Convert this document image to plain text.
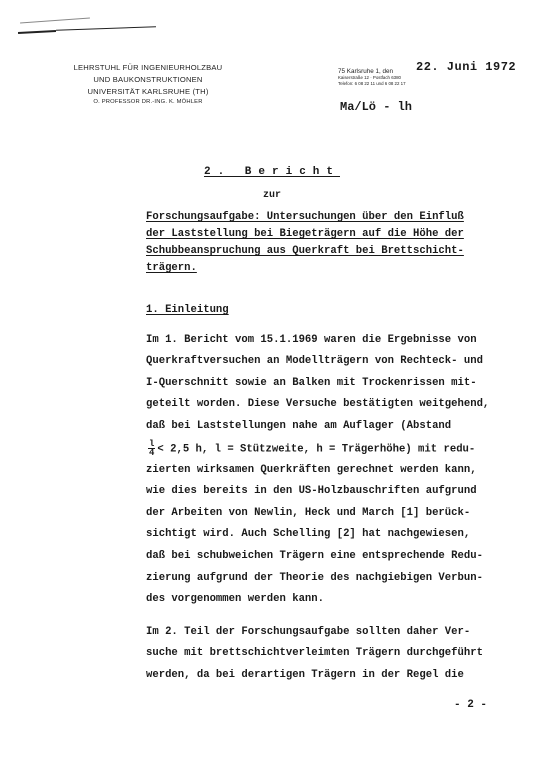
LEHRSTUHL FÜR INGENIEURHOLZBAU
UND BAUKONSTRUKTIONEN
UNIVERSITÄT KARLSRUHE (TH)
O. PROFESSOR DR.-ING. K. MÖHLER
75 Karlsruhe 1, den
Kaiserstraße 12 · Postfach 6380
Telefon: 6 08 22 11 und 6 08 22 17
22. Juni 1972
Ma/Lö - lh
2. Bericht
zur
Forschungsaufgabe: Untersuchungen über den Einfluß
der Laststellung bei Biegeträgern auf die Höhe der
Schubbeanspruchung aus Querkraft bei Brettschicht-
trägern.
1. Einleitung
Im 1. Bericht vom 15.1.1969 waren die Ergebnisse von
Querkraftversuchen an Modellträgern von Rechteck- und
I-Querschnitt sowie an Balken mit Trockenrissen mit-
geteilt worden. Diese Versuche bestätigten weitgehend,
daß bei Laststellungen nahe am Auflager (Abstand
$\frac{l}{4} < 2,5$ h, l = Stützweite, h = Trägerhöhe) mit redu-
zierten wirksamen Querkräften gerechnet werden kann,
wie dies bereits in den US-Holzbauschriften aufgrund
der Arbeiten von Newlin, Heck und March [1] berück-
sichtigt wird. Auch Schelling [2] hat nachgewiesen,
daß bei schubweichen Trägern eine entsprechende Redu-
zierung aufgrund der Theorie des nachgiebigen Verbun-
des vorgenommen werden kann.
Im 2. Teil der Forschungsaufgabe sollten daher Ver-
suche mit brettschichtverleimten Trägern durchgeführt
werden, da bei derartigen Trägern in der Regel die
- 2 -
